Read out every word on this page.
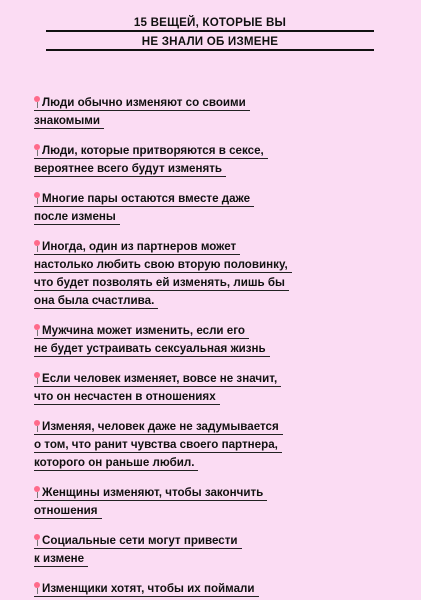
15 ВЕЩЕЙ, КОТОРЫЕ ВЫ
НЕ ЗНАЛИ ОБ ИЗМЕНЕ
Люди обычно изменяют со своими
знакомыми
Люди, которые притворяются в сексе,
вероятнее всего будут изменять
Многие пары остаются вместе даже
после измены
Иногда, один из партнеров может
настолько любить свою вторую половинку,
что будет позволять ей изменять, лишь бы
она была счастлива.
Мужчина может изменить, если его
не будет устраивать сексуальная жизнь
Если человек изменяет, вовсе не значит,
что он несчастен в отношениях
Изменяя, человек даже не задумывается
о том, что ранит чувства своего партнера,
которого он раньше любил.
Женщины изменяют, чтобы закончить
отношения
Социальные сети могут привести
к измене
Изменщики хотят, чтобы их поймали
